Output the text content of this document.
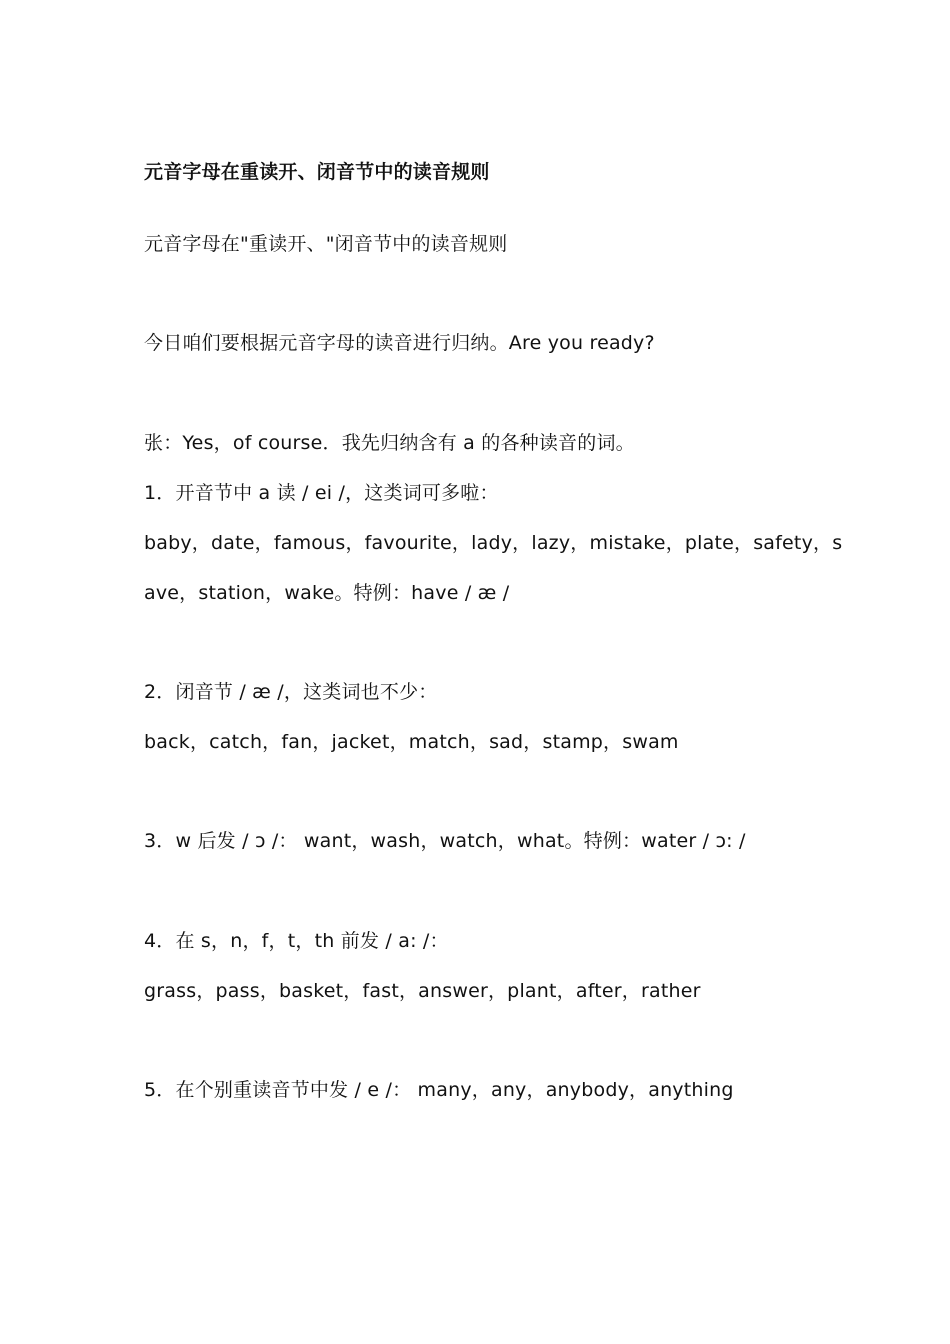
元音字母在重读开、闭音节中的读音规则
元音字母在"重读开、"闭音节中的读音规则
今日咱们要根据元音字母的读音进行归纳。Are you ready?
张：Yes，of course．我先归纳含有 a 的各种读音的词。
1．开音节中 a 读 / ei /，这类词可多啦：
baby，date，famous，favourite，lady，lazy，mistake，plate，safety，s
ave，station，wake。特例：have / æ /
2．闭音节 / æ /，这类词也不少：
back，catch，fan，jacket，match，sad，stamp，swam
3．w 后发 / ɔ /： want，wash，watch，what。特例：water / ɔ: /
4．在 s，n，f，t，th 前发 / a: /：
grass，pass，basket，fast，answer，plant，after，rather
5．在个别重读音节中发 / e /： many，any，anybody，anything
